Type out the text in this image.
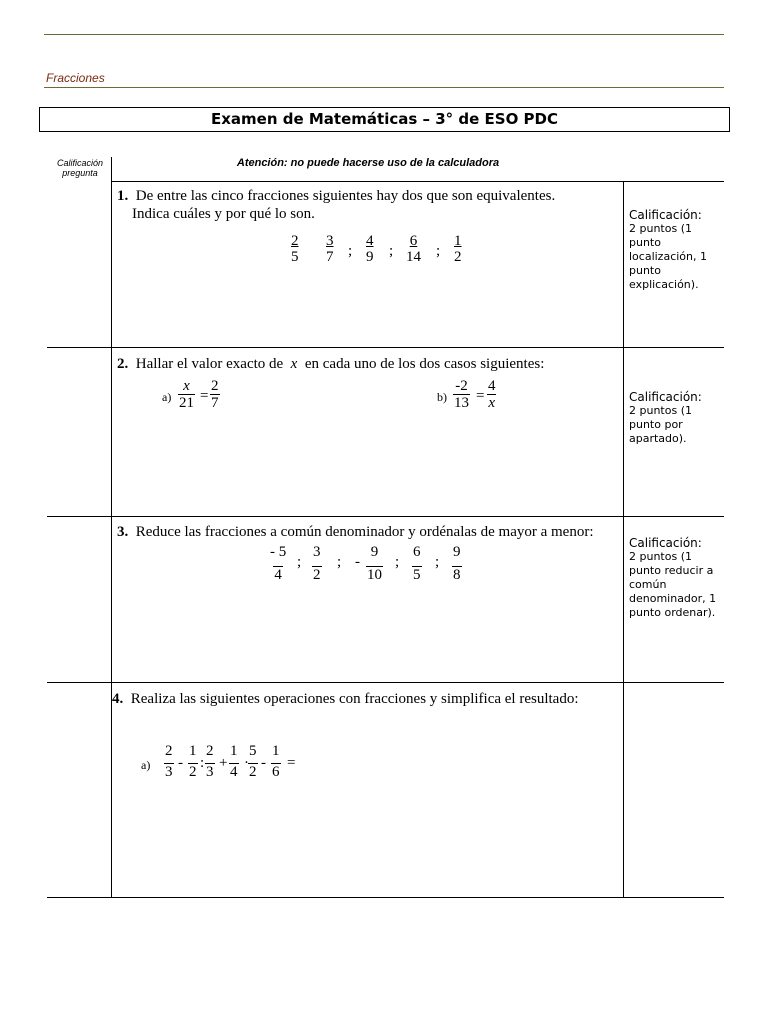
Fracciones
Examen de Matemáticas – 3° de ESO PDC
Calificación pregunta
Atención: no puede hacerse uso de la calculadora
1. De entre las cinco fracciones siguientes hay dos que son equivalentes.
Indica cuáles y por qué lo son.
$\frac{2}{5} \frac{3}{7}$ ; $\frac{4}{9}$ ; $\frac{6}{14}$ ; $\frac{1}{2}$
Calificación:
2 puntos (1 punto localización, 1 punto explicación).
2. Hallar el valor exacto de x en cada uno de los dos casos siguientes:
$a) \frac{x}{21} = \frac{2}{7}$	$b) \frac{-2}{13} = \frac{4}{x}$	Calificación:
2 puntos (1 punto por apartado).
3. Reduce las fracciones a común denominador y ordénalas de mayor a menor:
$\frac{- 5}{4}$ ; $\frac{3}{2}$ ; - $\frac{9}{10}$ ; $\frac{6}{5}$ ; $\frac{9}{8}$
Calificación:
2 puntos (1 punto reducir a común denominador, 1 punto ordenar).
4. Realiza las siguientes operaciones con fracciones y simplifica el resultado:
$a) \frac{2}{3} - \frac{1}{2}$ : $\frac{2}{3} + \frac{1}{4} \cdot \frac{5}{2} - \frac{1}{6}$ =
